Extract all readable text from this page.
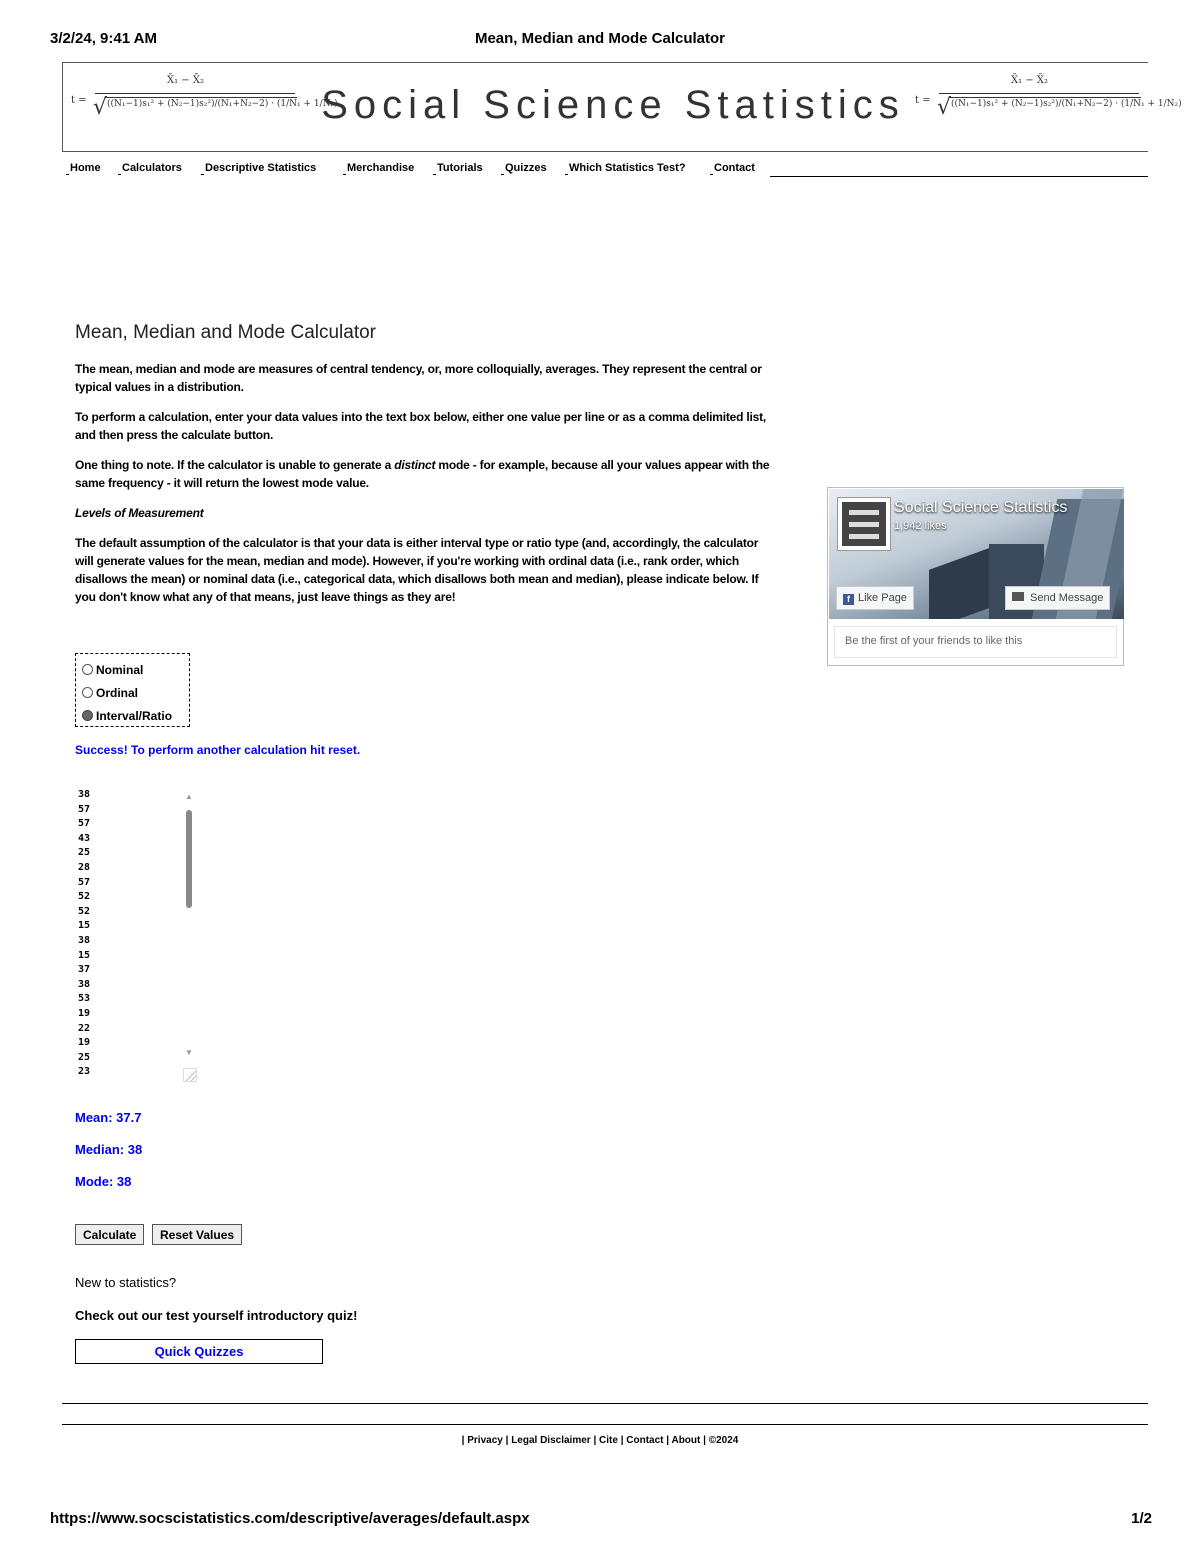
3/2/24, 9:41 AM	Mean, Median and Mode Calculator
t =
X̄₁ − X̄₂
√ ((N₁−1)s₁² + (N₂−1)s₂²)/(N₁+N₂−2) · (1/N₁ + 1/N₂)
Social Science Statistics	t =
X̄₁ − X̄₂
√ ((N₁−1)s₁² + (N₂−1)s₂²)/(N₁+N₂−2) · (1/N₁ + 1/N₂)
Home Calculators Descriptive Statistics	Merchandise Tutorials Quizzes Which Statistics Test?	Contact
Mean, Median and Mode Calculator

The mean, median and mode are measures of central tendency, or, more colloquially, averages. They represent the central or typical values in a distribution.

To perform a calculation, enter your data values into the text box below, either one value per line or as a comma delimited list, and then press the calculate button.

One thing to note. If the calculator is unable to generate a distinct mode - for example, because all your values appear with the same frequency - it will return the lowest mode value.

Levels of Measurement

The default assumption of the calculator is that your data is either interval type or ratio type (and, accordingly, the calculator will generate values for the mean, median and mode). However, if you're working with ordinal data (i.e., rank order, which disallows the mean) or nominal data (i.e., categorical data, which disallows both mean and median), please indicate below. If you don't know what any of that means, just leave things as they are!

Nominal
Ordinal
Interval/Ratio
Success! To perform another calculation hit reset.
38
57
57
43
25
28
57
52
52
15
38
15
37
38
53
19
22
19
25
23
▲
▼
Mean: 37.7
Median: 38
Mode: 38
Calculate	Reset Values
New to statistics?
Check out our test yourself introductory quiz!
Quick Quizzes
Social Science Statistics
1,942 likes
f Like Page	Send Message
Be the first of your friends to like this
| Privacy | Legal Disclaimer | Cite | Contact | About | ©2024
https://www.socscistatistics.com/descriptive/averages/default.aspx	1/2
